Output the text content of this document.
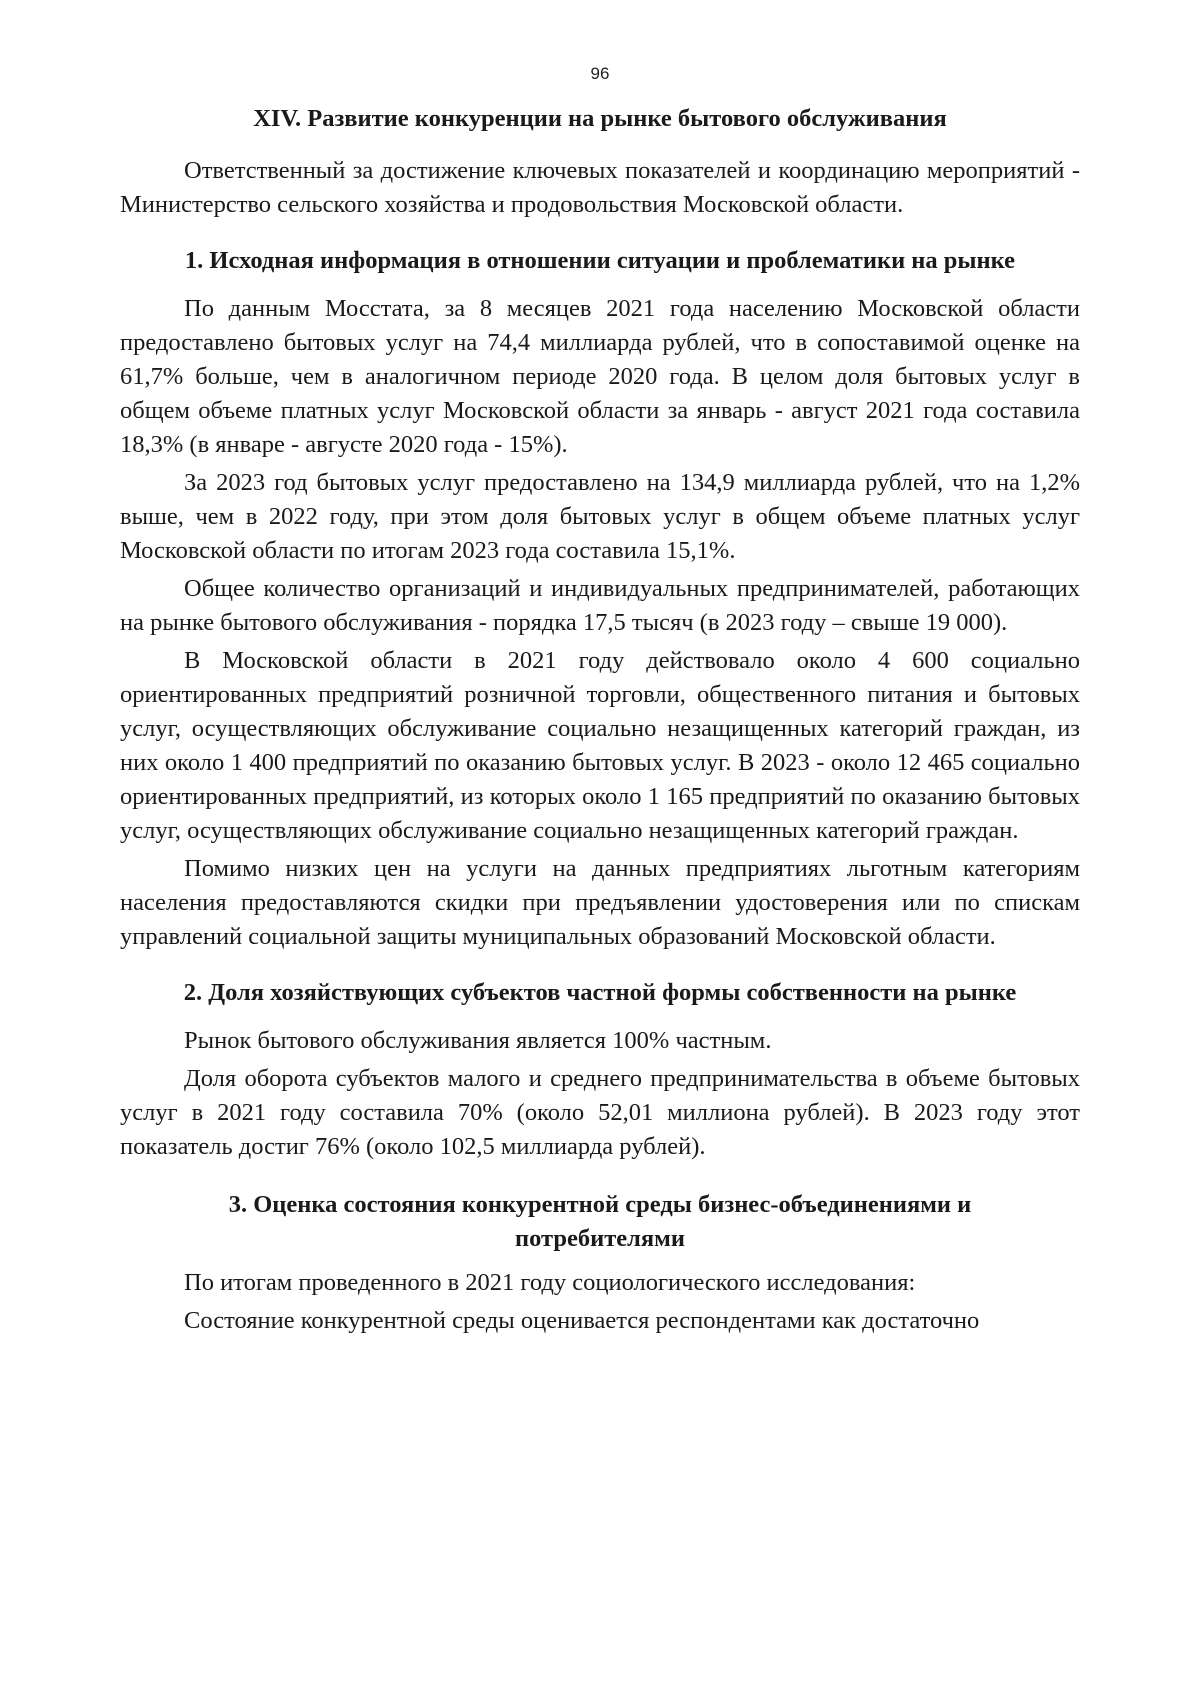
96
XIV. Развитие конкуренции на рынке бытового обслуживания

Ответственный за достижение ключевых показателей и координацию мероприятий - Министерство сельского хозяйства и продовольствия Московской области.

1. Исходная информация в отношении ситуации и проблематики на рынке

По данным Мосстата, за 8 месяцев 2021 года населению Московской области предоставлено бытовых услуг на 74,4 миллиарда рублей, что в сопоставимой оценке на 61,7% больше, чем в аналогичном периоде 2020 года. В целом доля бытовых услуг в общем объеме платных услуг Московской области за январь - август 2021 года составила 18,3% (в январе - августе 2020 года - 15%).

За 2023 год бытовых услуг предоставлено на 134,9 миллиарда рублей, что на 1,2% выше, чем в 2022 году, при этом доля бытовых услуг в общем объеме платных услуг Московской области по итогам 2023 года составила 15,1%.

Общее количество организаций и индивидуальных предпринимателей, работающих на рынке бытового обслуживания - порядка 17,5 тысяч (в 2023 году – свыше 19 000).

В Московской области в 2021 году действовало около 4 600 социально ориентированных предприятий розничной торговли, общественного питания и бытовых услуг, осуществляющих обслуживание социально незащищенных категорий граждан, из них около 1 400 предприятий по оказанию бытовых услуг. В 2023 - около 12 465 социально ориентированных предприятий, из которых около 1 165 предприятий по оказанию бытовых услуг, осуществляющих обслуживание социально незащищенных категорий граждан.

Помимо низких цен на услуги на данных предприятиях льготным категориям населения предоставляются скидки при предъявлении удостоверения или по спискам управлений социальной защиты муниципальных образований Московской области.

2. Доля хозяйствующих субъектов частной формы собственности на рынке

Рынок бытового обслуживания является 100% частным.

Доля оборота субъектов малого и среднего предпринимательства в объеме бытовых услуг в 2021 году составила 70% (около 52,01 миллиона рублей). В 2023 году этот показатель достиг 76% (около 102,5 миллиарда рублей).

3. Оценка состояния конкурентной среды бизнес-объединениями и
потребителями

По итогам проведенного в 2021 году социологического исследования:

Состояние конкурентной среды оценивается респондентами как достаточно
